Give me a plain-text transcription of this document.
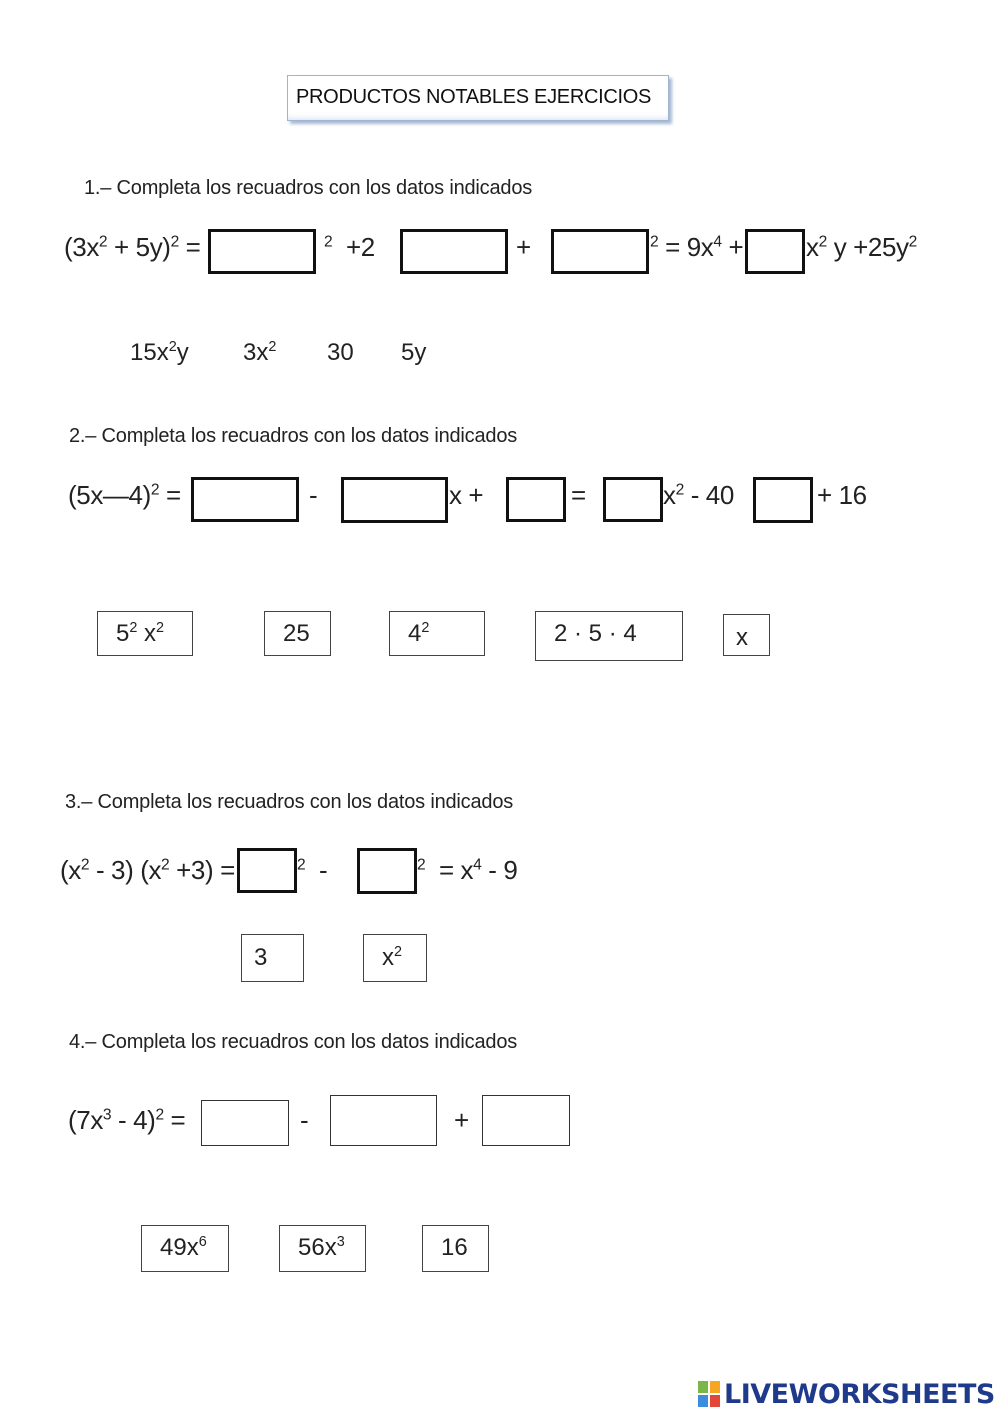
PRODUCTOS NOTABLES EJERCICIOS
1.– Completa los recuadros con los datos indicados
$(3x^2 + 5y)^2$ =	$^2$ +2	+	$^2 = 9x^4 + x^2$ $y +25y^2$
$15x^2y$ $3x^2$ 30 5y
2.– Completa los recuadros con los datos indicados
(5x—4)$^2$ =	-	x +	=	$x^2 - 40$	+ 16
$5^2$ $x^2$	25	$4^2$	2 · 5 · 4	x
3.– Completa los recuadros con los datos indicados
$(x^2 - 3)$ $(x^2 +3)$ =	$^2$ -	$^2 = x^4 - 9$
3	$x^2$
4.– Completa los recuadros con los datos indicados
$(7x^3 - 4)^2$ =	-	+
$49x^6$	$56x^3$	16
LIVEWORKSHEETS
